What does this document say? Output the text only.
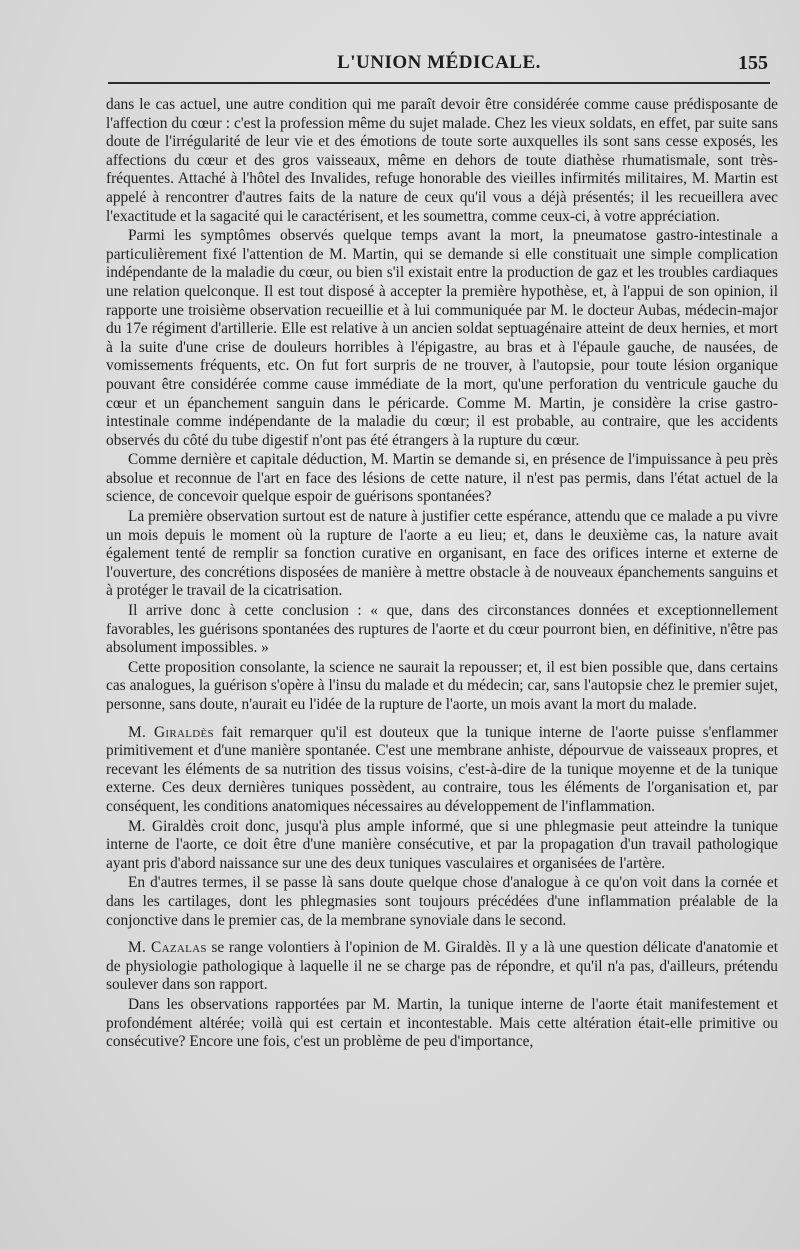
L'UNION MÉDICALE.	155

dans le cas actuel, une autre condition qui me paraît devoir être considérée comme cause prédisposante de l'affection du cœur : c'est la profession même du sujet malade. Chez les vieux soldats, en effet, par suite sans doute de l'irrégularité de leur vie et des émotions de toute sorte auxquelles ils sont sans cesse exposés, les affections du cœur et des gros vaisseaux, même en dehors de toute diathèse rhumatismale, sont très-fréquentes. Attaché à l'hôtel des Invalides, refuge honorable des vieilles infirmités militaires, M. Martin est appelé à rencontrer d'autres faits de la nature de ceux qu'il vous a déjà présentés; il les recueillera avec l'exactitude et la sagacité qui le caractérisent, et les soumettra, comme ceux-ci, à votre appréciation.

Parmi les symptômes observés quelque temps avant la mort, la pneumatose gastro-intestinale a particulièrement fixé l'attention de M. Martin, qui se demande si elle constituait une simple complication indépendante de la maladie du cœur, ou bien s'il existait entre la production de gaz et les troubles cardiaques une relation quelconque. Il est tout disposé à accepter la première hypothèse, et, à l'appui de son opinion, il rapporte une troisième observation recueillie et à lui communiquée par M. le docteur Aubas, médecin-major du 17e régiment d'artillerie. Elle est relative à un ancien soldat septuagénaire atteint de deux hernies, et mort à la suite d'une crise de douleurs horribles à l'épigastre, au bras et à l'épaule gauche, de nausées, de vomissements fréquents, etc. On fut fort surpris de ne trouver, à l'autopsie, pour toute lésion organique pouvant être considérée comme cause immédiate de la mort, qu'une perforation du ventricule gauche du cœur et un épanchement sanguin dans le péricarde. Comme M. Martin, je considère la crise gastro-intestinale comme indépendante de la maladie du cœur; il est probable, au contraire, que les accidents observés du côté du tube digestif n'ont pas été étrangers à la rupture du cœur.

Comme dernière et capitale déduction, M. Martin se demande si, en présence de l'impuissance à peu près absolue et reconnue de l'art en face des lésions de cette nature, il n'est pas permis, dans l'état actuel de la science, de concevoir quelque espoir de guérisons spontanées?

La première observation surtout est de nature à justifier cette espérance, attendu que ce malade a pu vivre un mois depuis le moment où la rupture de l'aorte a eu lieu; et, dans le deuxième cas, la nature avait également tenté de remplir sa fonction curative en organisant, en face des orifices interne et externe de l'ouverture, des concrétions disposées de manière à mettre obstacle à de nouveaux épanchements sanguins et à protéger le travail de la cicatrisation.

Il arrive donc à cette conclusion : « que, dans des circonstances données et exceptionnellement favorables, les guérisons spontanées des ruptures de l'aorte et du cœur pourront bien, en définitive, n'être pas absolument impossibles. »

Cette proposition consolante, la science ne saurait la repousser; et, il est bien possible que, dans certains cas analogues, la guérison s'opère à l'insu du malade et du médecin; car, sans l'autopsie chez le premier sujet, personne, sans doute, n'aurait eu l'idée de la rupture de l'aorte, un mois avant la mort du malade.

M. Giraldès fait remarquer qu'il est douteux que la tunique interne de l'aorte puisse s'enflammer primitivement et d'une manière spontanée. C'est une membrane anhiste, dépourvue de vaisseaux propres, et recevant les éléments de sa nutrition des tissus voisins, c'est-à-dire de la tunique moyenne et de la tunique externe. Ces deux dernières tuniques possèdent, au contraire, tous les éléments de l'organisation et, par conséquent, les conditions anatomiques nécessaires au développement de l'inflammation.

M. Giraldès croit donc, jusqu'à plus ample informé, que si une phlegmasie peut atteindre la tunique interne de l'aorte, ce doit être d'une manière consécutive, et par la propagation d'un travail pathologique ayant pris d'abord naissance sur une des deux tuniques vasculaires et organisées de l'artère.

En d'autres termes, il se passe là sans doute quelque chose d'analogue à ce qu'on voit dans la cornée et dans les cartilages, dont les phlegmasies sont toujours précédées d'une inflammation préalable de la conjonctive dans le premier cas, de la membrane synoviale dans le second.

M. Cazalas se range volontiers à l'opinion de M. Giraldès. Il y a là une question délicate d'anatomie et de physiologie pathologique à laquelle il ne se charge pas de répondre, et qu'il n'a pas, d'ailleurs, prétendu soulever dans son rapport.

Dans les observations rapportées par M. Martin, la tunique interne de l'aorte était manifestement et profondément altérée; voilà qui est certain et incontestable. Mais cette altération était-elle primitive ou consécutive? Encore une fois, c'est un problème de peu d'importance,
